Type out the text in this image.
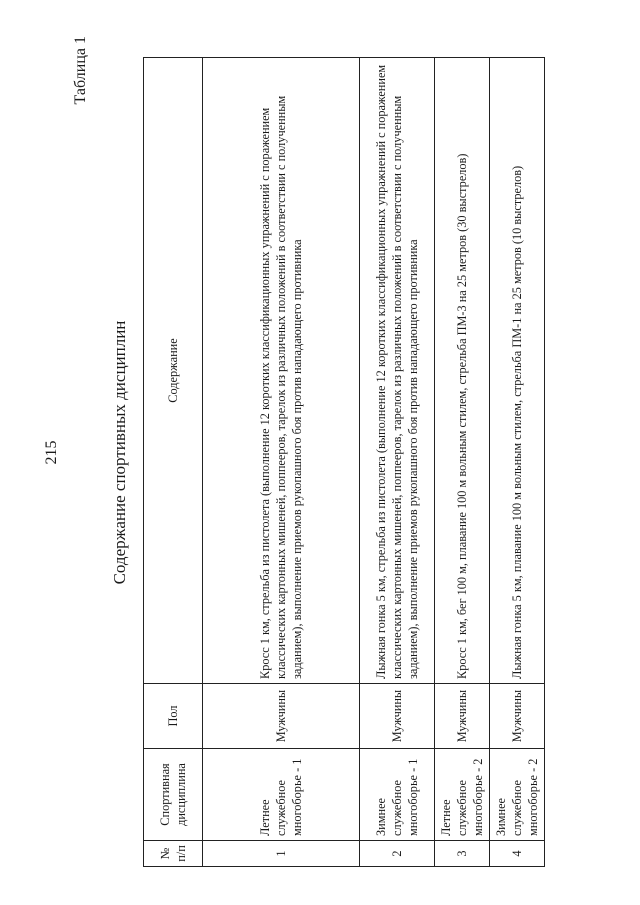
215
Таблица 1
Содержание спортивных дисциплин
№ п/п	Спортивная дисциплина	Пол	Содержание
1	Летнее служебное многоборье - 1	Мужчины	Кросс 1 км, стрельба из пистолета (выполнение 12 коротких классификационных упражнений с поражением классических картонных мишеней, поппееров, тарелок из различных положений в соответствии с полученным заданием), выполнение приемов рукопашного боя против нападающего противника
2	Зимнее служебное многоборье - 1	Мужчины	Лыжная гонка 5 км, стрельба из пистолета (выполнение 12 коротких классификационных упражнений с поражением классических картонных мишеней, поппееров, тарелок из различных положений в соответствии с полученным заданием), выполнение приемов рукопашного боя против нападающего противника
3	Летнее служебное многоборье - 2	Мужчины	Кросс 1 км, бег 100 м, плавание 100 м вольным стилем, стрельба ПМ-3 на 25 метров (30 выстрелов)
4	Зимнее служебное многоборье - 2	Мужчины	Лыжная гонка 5 км, плавание 100 м вольным стилем, стрельба ПМ-1 на 25 метров (10 выстрелов)
